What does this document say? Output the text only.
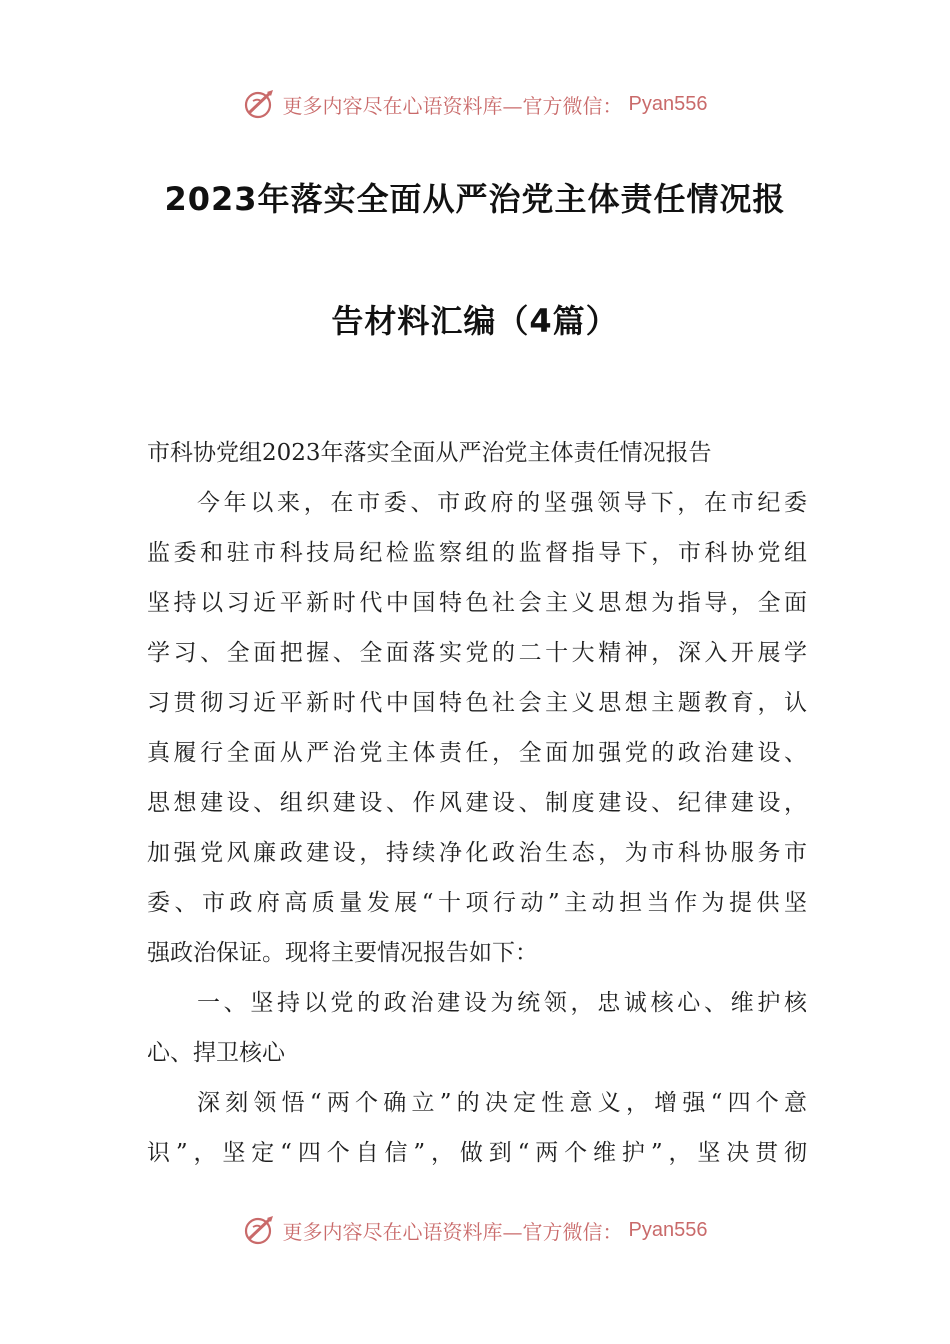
更多内容尽在心语资料库—官方微信： Pyan556
2023年落实全面从严治党主体责任情况报
告材料汇编（4篇）
市科协党组2023年落实全面从严治党主体责任情况报告
今年以来，在市委、市政府的坚强领导下，在市纪委
监委和驻市科技局纪检监察组的监督指导下，市科协党组
坚持以习近平新时代中国特色社会主义思想为指导，全面
学习、全面把握、全面落实党的二十大精神，深入开展学
习贯彻习近平新时代中国特色社会主义思想主题教育，认
真履行全面从严治党主体责任，全面加强党的政治建设、
思想建设、组织建设、作风建设、制度建设、纪律建设，
加强党风廉政建设，持续净化政治生态，为市科协服务市
委、市政府高质量发展“十项行动”主动担当作为提供坚
强政治保证。现将主要情况报告如下：
一、坚持以党的政治建设为统领，忠诚核心、维护核
心、捍卫核心
深刻领悟“两个确立”的决定性意义，增强“四个意
识”，坚定“四个自信”，做到“两个维护”，坚决贯彻
更多内容尽在心语资料库—官方微信： Pyan556
